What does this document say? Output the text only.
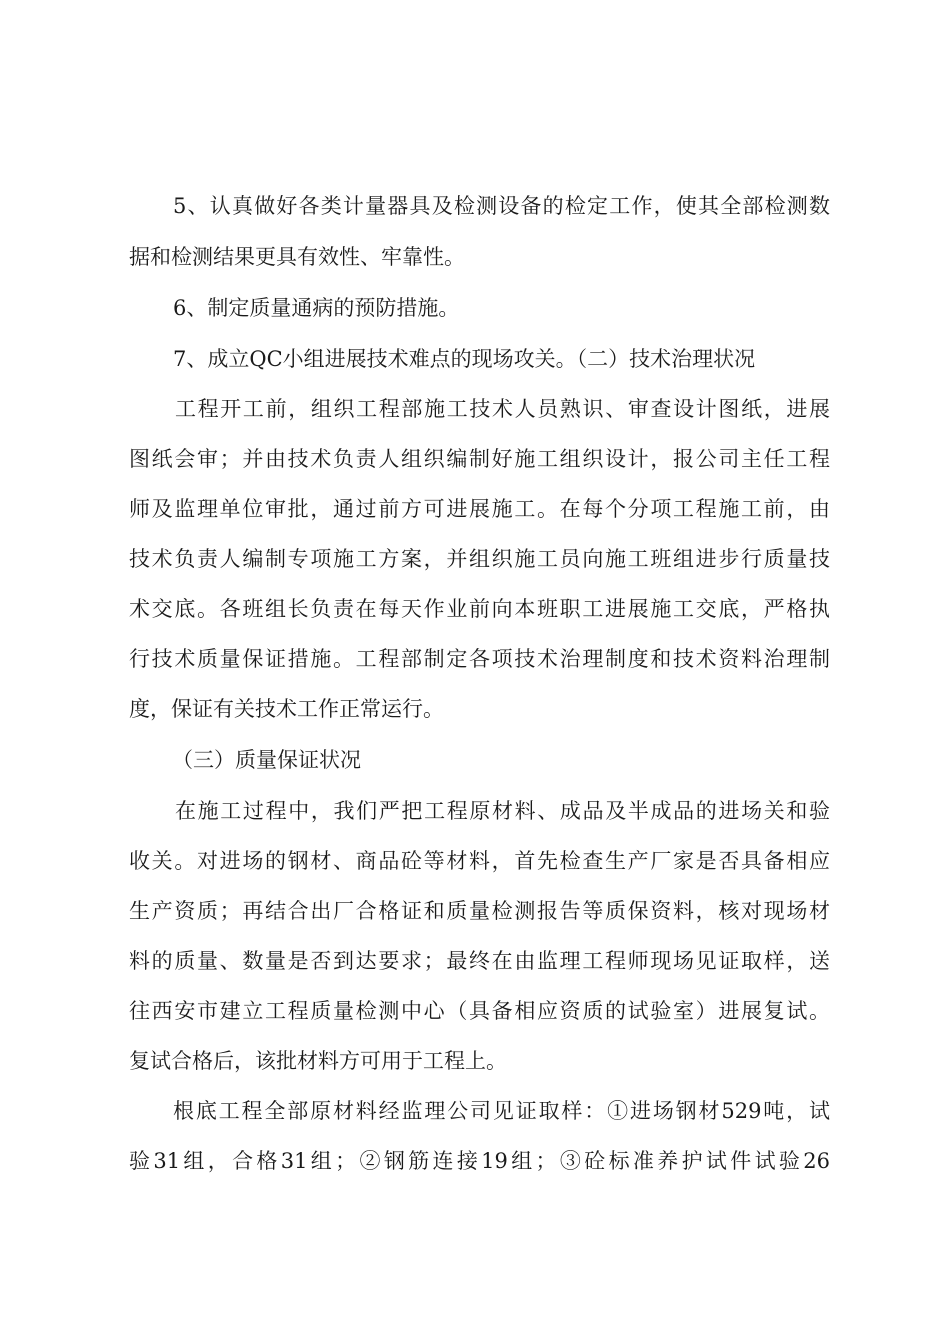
5、认真做好各类计量器具及检测设备的检定工作，使其全部检测数
据和检测结果更具有效性、牢靠性。
6、制定质量通病的预防措施。
7、成立QC小组进展技术难点的现场攻关。（二）技术治理状况
工程开工前，组织工程部施工技术人员熟识、审查设计图纸，进展
图纸会审；并由技术负责人组织编制好施工组织设计，报公司主任工程
师及监理单位审批，通过前方可进展施工。在每个分项工程施工前，由
技术负责人编制专项施工方案，并组织施工员向施工班组进步行质量技
术交底。各班组长负责在每天作业前向本班职工进展施工交底，严格执
行技术质量保证措施。工程部制定各项技术治理制度和技术资料治理制
度，保证有关技术工作正常运行。
（三）质量保证状况
在施工过程中，我们严把工程原材料、成品及半成品的进场关和验
收关。对进场的钢材、商品砼等材料，首先检查生产厂家是否具备相应
生产资质；再结合出厂合格证和质量检测报告等质保资料，核对现场材
料的质量、数量是否到达要求；最终在由监理工程师现场见证取样，送
往西安市建立工程质量检测中心（具备相应资质的试验室）进展复试。
复试合格后，该批材料方可用于工程上。
根底工程全部原材料经监理公司见证取样：①进场钢材529吨，试
验31组，合格31组；②钢筋连接19组；③砼标准养护试件试验26
